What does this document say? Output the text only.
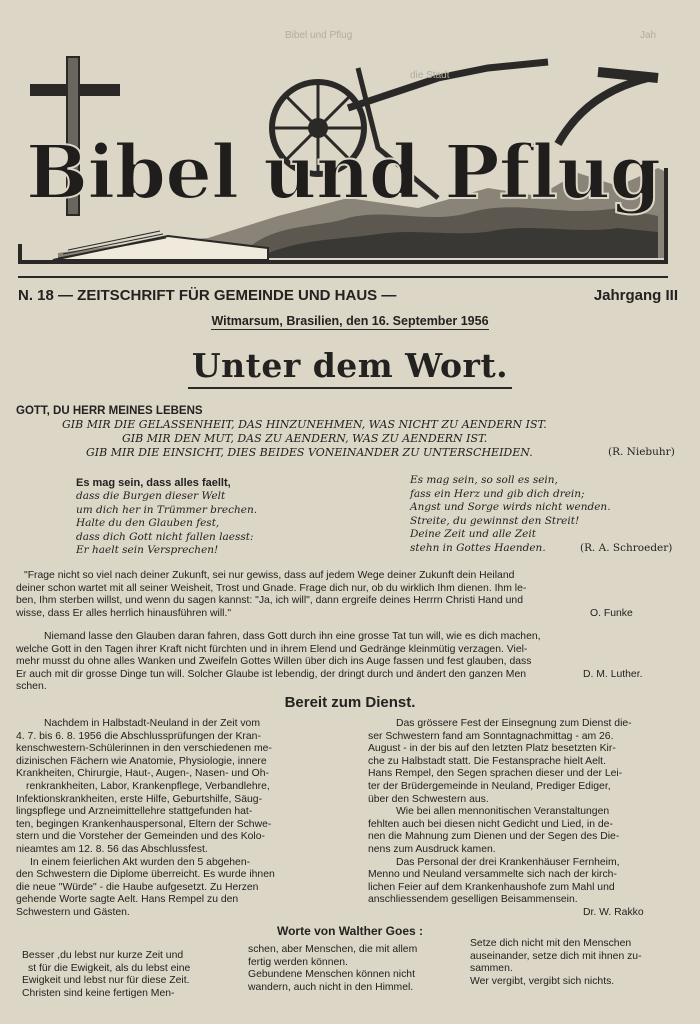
Bibel und Pflug
Bibel und Pflug
die Stadt
Jah
N. 18 — ZEITSCHRIFT FÜR GEMEINDE UND HAUS —	Jahrgang III
Witmarsum, Brasilien, den 16. September 1956
Unter dem Wort.
GOTT, DU HERR MEINES LEBENS
GIB MIR DIE GELASSENHEIT, DAS HINZUNEHMEN, WAS NICHT ZU AENDERN IST.
GIB MIR DEN MUT, DAS ZU AENDERN, WAS ZU AENDERN IST.
GIB MIR DIE EINSICHT, DIES BEIDES VONEINANDER ZU UNTERSCHEIDEN.	(R. Niebuhr)
Es mag sein, dass alles faellt,
dass die Burgen dieser Welt
um dich her in Trümmer brechen.
Halte du den Glauben fest,
dass dich Gott nicht fallen laesst:
Er haelt sein Versprechen!
Es mag sein, so soll es sein,
fass ein Herz und gib dich drein;
Angst und Sorge wirds nicht wenden.
Streite, du gewinnst den Streit!
Deine Zeit und alle Zeit
stehn in Gottes Haenden.	(R. A. Schroeder)
"Frage nicht so viel nach deiner Zukunft, sei nur gewiss, dass auf jedem Wege deiner Zukunft dein Heiland
deiner schon wartet mit all seiner Weisheit, Trost und Gnade. Frage dich nur, ob du wirklich Ihm dienen. Ihm le-
ben, Ihm sterben willst, und wenn du sagen kannst: "Ja, ich will", dann ergreife deines Herrrn Christi Hand und
wisse, dass Er alles herrlich hinausführen will."	O. Funke
Niemand lasse den Glauben daran fahren, dass Gott durch ihn eine grosse Tat tun will, wie es dich machen,
welche Gott in den Tagen ihrer Kraft nicht fürchten und in ihrem Elend und Gedränge kleinmütig verzagen. Viel-
mehr musst du ohne alles Wanken und Zweifeln Gottes Willen über dich ins Auge fassen und fest glauben, dass
Er auch mit dir grosse Dinge tun will. Solcher Glaube ist lebendig, der dringt durch und ändert den ganzen Men
schen.
D. M. Luther.
Bereit zum Dienst.
Nachdem in Halbstadt-Neuland in der Zeit vom
4. 7. bis 6. 8. 1956 die Abschlussprüfungen der Kran-
kenschwestern-Schülerinnen in den verschiedenen me-
dizinischen Fächern wie Anatomie, Physiologie, innere
Krankheiten, Chirurgie, Haut-, Augen-, Nasen- und Oh-
renkrankheiten, Labor, Krankenpflege, Verbandlehre,
Infektionskrankheiten, erste Hilfe, Geburtshilfe, Säug-
lingspflege und Arzneimittellehre stattgefunden hat-
ten, begingen Krankenhauspersonal, Eltern der Schwe-
stern und die Vorsteher der Gemeinden und des Kolo-
nieamtes am 12. 8. 56 das Abschlussfest.
In einem feierlichen Akt wurden den 5 abgehen-
den Schwestern die Diplome überreicht. Es wurde ihnen
die neue "Würde" - die Haube aufgesetzt. Zu Herzen
gehende Worte sagte Aelt. Hans Rempel zu den
Schwestern und Gästen.
Das grössere Fest der Einsegnung zum Dienst die-
ser Schwestern fand am Sonntagnachmittag - am 26.
August - in der bis auf den letzten Platz besetzten Kir-
che zu Halbstadt statt. Die Festansprache hielt Aelt.
Hans Rempel, den Segen sprachen dieser und der Lei-
ter der Brüdergemeinde in Neuland, Prediger Ediger,
über den Schwestern aus.
Wie bei allen mennonitischen Veranstaltungen
fehlten auch bei diesen nicht Gedicht und Lied, in de-
nen die Mahnung zum Dienen und der Segen des Die-
nens zum Ausdruck kamen.
Das Personal der drei Krankenhäuser Fernheim,
Menno und Neuland versammelte sich nach der kirch-
lichen Feier auf dem Krankenhaushofe zum Mahl und
anschliessendem geselligen Beisammensein.
Dr. W. Rakko
Worte von Walther Goes :
Besser ,du lebst nur kurze Zeit und
st für die Ewigkeit, als du lebst eine
Ewigkeit und lebst nur für diese Zeit.
Christen sind keine fertigen Men-
schen, aber Menschen, die mit allem
fertig werden können.
Gebundene Menschen können nicht
wandern, auch nicht in den Himmel.
Setze dich nicht mit den Menschen
auseinander, setze dich mit ihnen zu-
sammen.
Wer vergibt, vergibt sich nichts.
